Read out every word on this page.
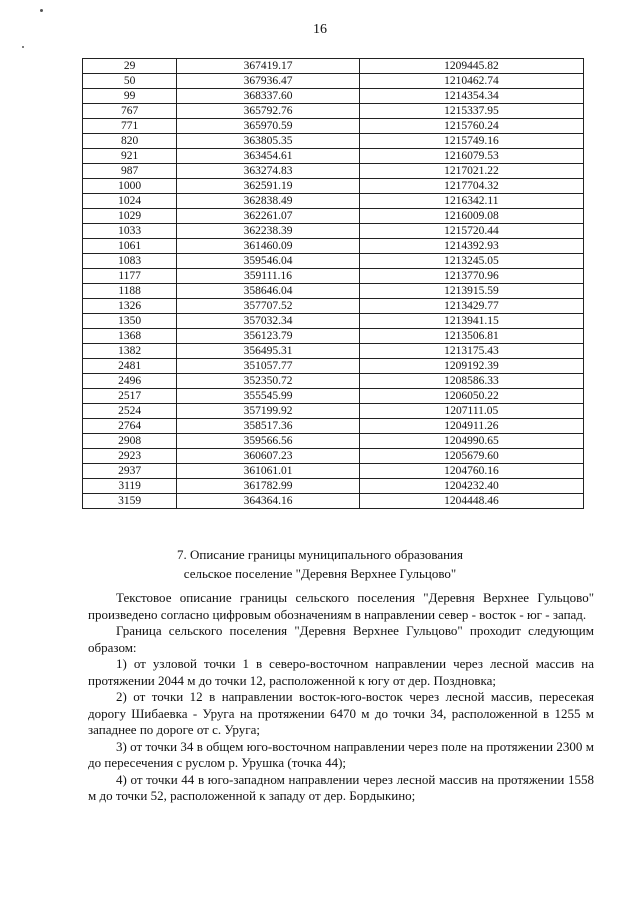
16
29	367419.17	1209445.82
50	367936.47	1210462.74
99	368337.60	1214354.34
767	365792.76	1215337.95
771	365970.59	1215760.24
820	363805.35	1215749.16
921	363454.61	1216079.53
987	363274.83	1217021.22
1000	362591.19	1217704.32
1024	362838.49	1216342.11
1029	362261.07	1216009.08
1033	362238.39	1215720.44
1061	361460.09	1214392.93
1083	359546.04	1213245.05
1177	359111.16	1213770.96
1188	358646.04	1213915.59
1326	357707.52	1213429.77
1350	357032.34	1213941.15
1368	356123.79	1213506.81
1382	356495.31	1213175.43
2481	351057.77	1209192.39
2496	352350.72	1208586.33
2517	355545.99	1206050.22
2524	357199.92	1207111.05
2764	358517.36	1204911.26
2908	359566.56	1204990.65
2923	360607.23	1205679.60
2937	361061.01	1204760.16
3119	361782.99	1204232.40
3159	364364.16	1204448.46
7. Описание границы муниципального образования
сельское поселение "Деревня Верхнее Гульцово"

Текстовое описание границы сельского поселения "Деревня Верхнее Гульцово" произведено согласно цифровым обозначениям в направлении север - восток - юг - запад.

Граница сельского поселения "Деревня Верхнее Гульцово" проходит следующим образом:

1) от узловой точки 1 в северо-восточном направлении через лесной массив на протяжении 2044 м до точки 12, расположенной к югу от дер. Поздновка;

2) от точки 12 в направлении восток-юго-восток через лесной массив, пересекая дорогу Шибаевка - Уруга на протяжении 6470 м до точки 34, расположенной в 1255 м западнее по дороге от с. Уруга;

3) от точки 34 в общем юго-восточном направлении через поле на протяжении 2300 м до пересечения с руслом р. Урушка (точка 44);

4) от точки 44 в юго-западном направлении через лесной массив на протяжении 1558 м до точки 52, расположенной к западу от дер. Бордыкино;
